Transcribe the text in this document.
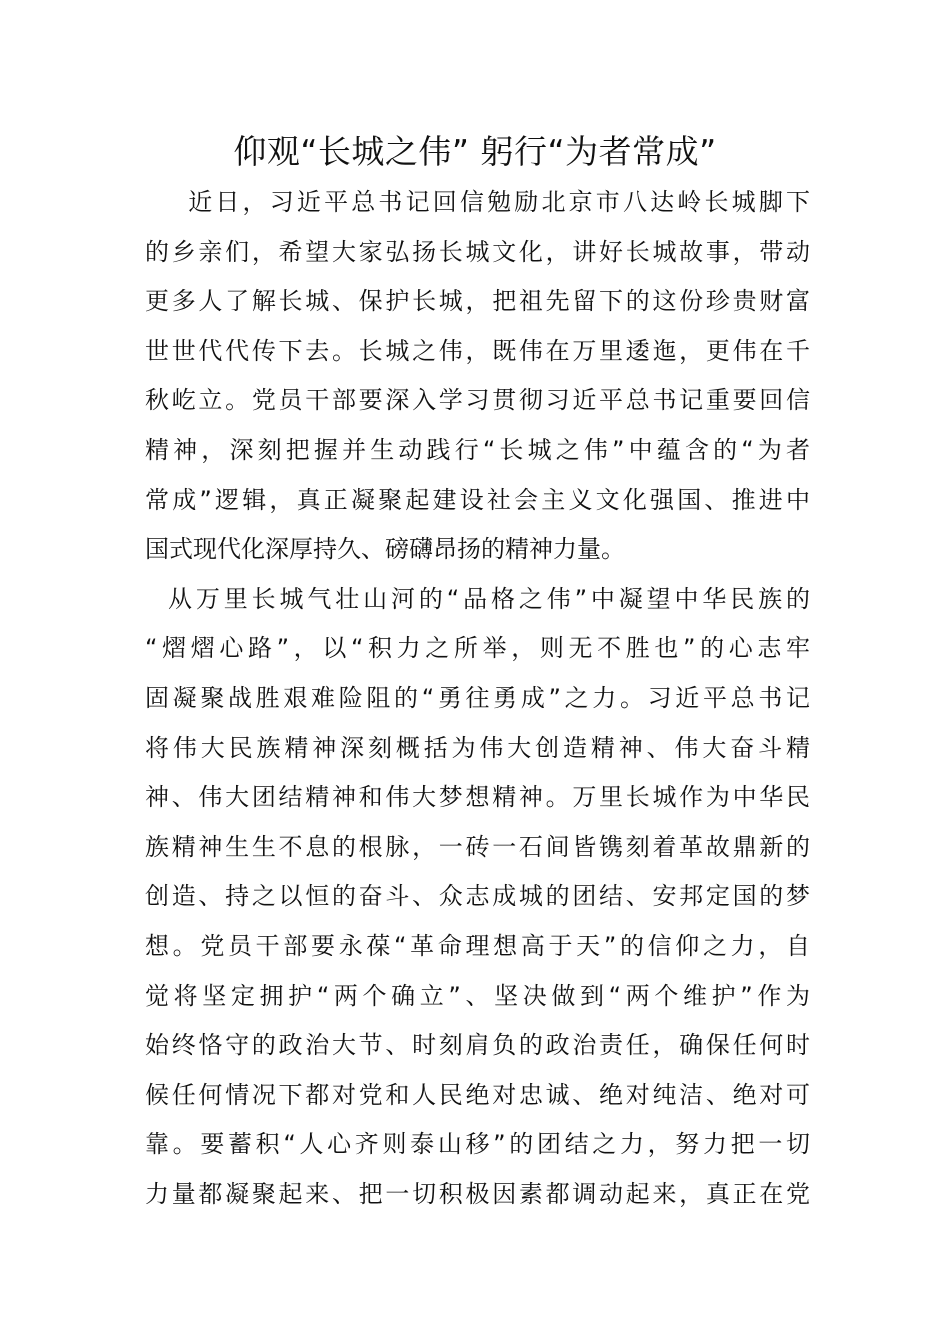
仰观“长城之伟” 躬行“为者常成”
近日，习近平总书记回信勉励北京市八达岭长城脚下
的乡亲们，希望大家弘扬长城文化，讲好长城故事，带动
更多人了解长城、保护长城，把祖先留下的这份珍贵财富
世世代代传下去。长城之伟，既伟在万里逶迤，更伟在千
秋屹立。党员干部要深入学习贯彻习近平总书记重要回信
精神，深刻把握并生动践行“长城之伟”中蕴含的“为者
常成”逻辑，真正凝聚起建设社会主义文化强国、推进中
国式现代化深厚持久、磅礴昂扬的精神力量。
从万里长城气壮山河的“品格之伟”中凝望中华民族的
“熠熠心路”，以“积力之所举，则无不胜也”的心志牢
固凝聚战胜艰难险阻的“勇往勇成”之力。习近平总书记
将伟大民族精神深刻概括为伟大创造精神、伟大奋斗精
神、伟大团结精神和伟大梦想精神。万里长城作为中华民
族精神生生不息的根脉，一砖一石间皆镌刻着革故鼎新的
创造、持之以恒的奋斗、众志成城的团结、安邦定国的梦
想。党员干部要永葆“革命理想高于天”的信仰之力，自
觉将坚定拥护“两个确立”、坚决做到“两个维护”作为
始终恪守的政治大节、时刻肩负的政治责任，确保任何时
候任何情况下都对党和人民绝对忠诚、绝对纯洁、绝对可
靠。要蓄积“人心齐则泰山移”的团结之力，努力把一切
力量都凝聚起来、把一切积极因素都调动起来，真正在党
